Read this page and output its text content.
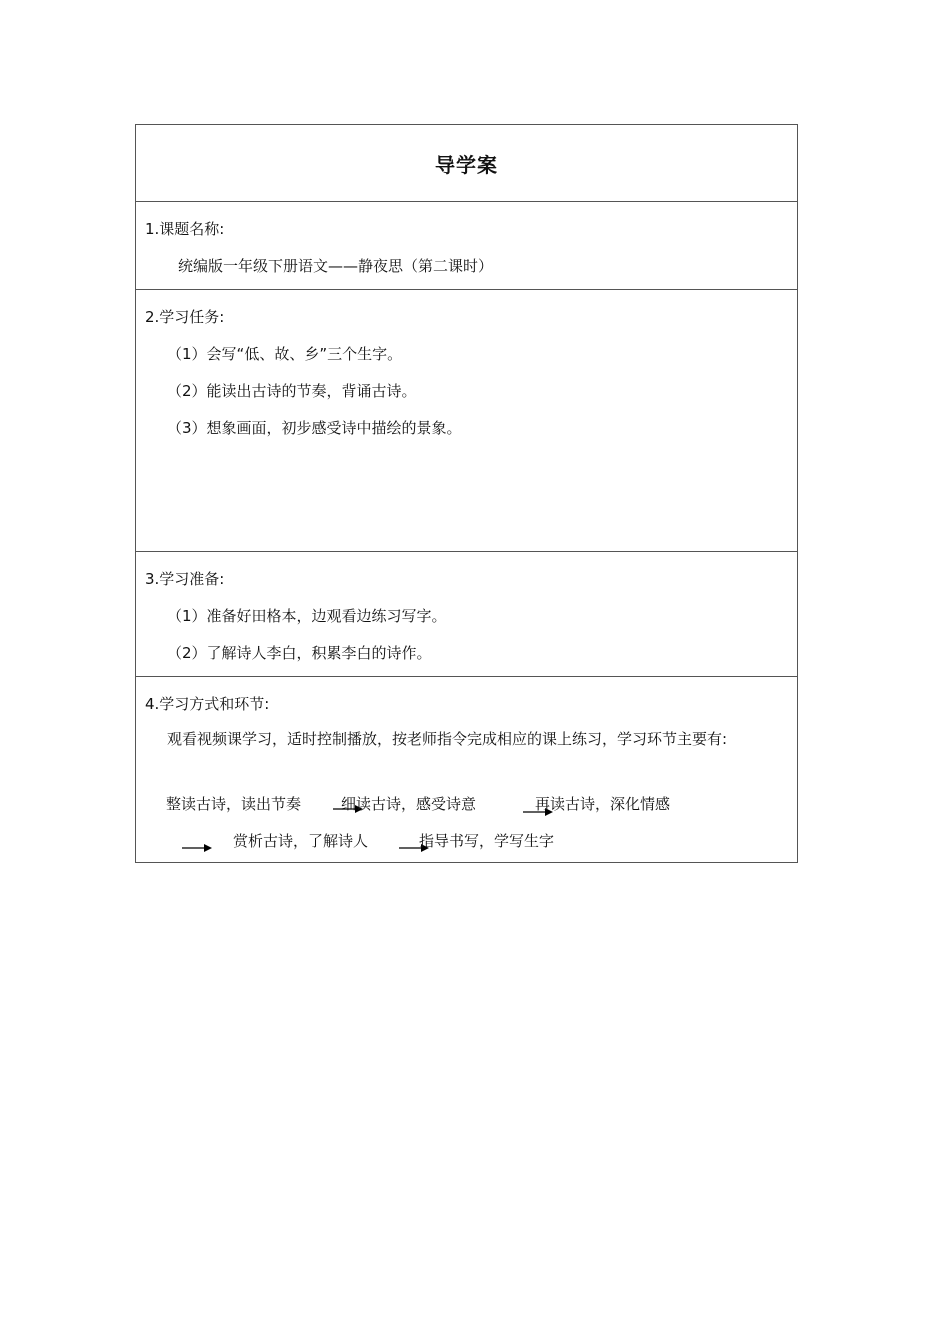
导学案
1.课题名称:
统编版一年级下册语文——静夜思（第二课时）
2.学习任务:
（1）会写“低、故、乡”三个生字。
（2）能读出古诗的节奏，背诵古诗。
（3）想象画面，初步感受诗中描绘的景象。
3.学习准备:
（1）准备好田格本，边观看边练习写字。
（2）了解诗人李白，积累李白的诗作。
4.学习方式和环节:
观看视频课学习，适时控制播放，按老师指令完成相应的课上练习，学习环节主要有:
整读古诗，读出节奏	细读古诗，感受诗意	再读古诗，深化情感
赏析古诗，了解诗人	指导书写，学写生字
